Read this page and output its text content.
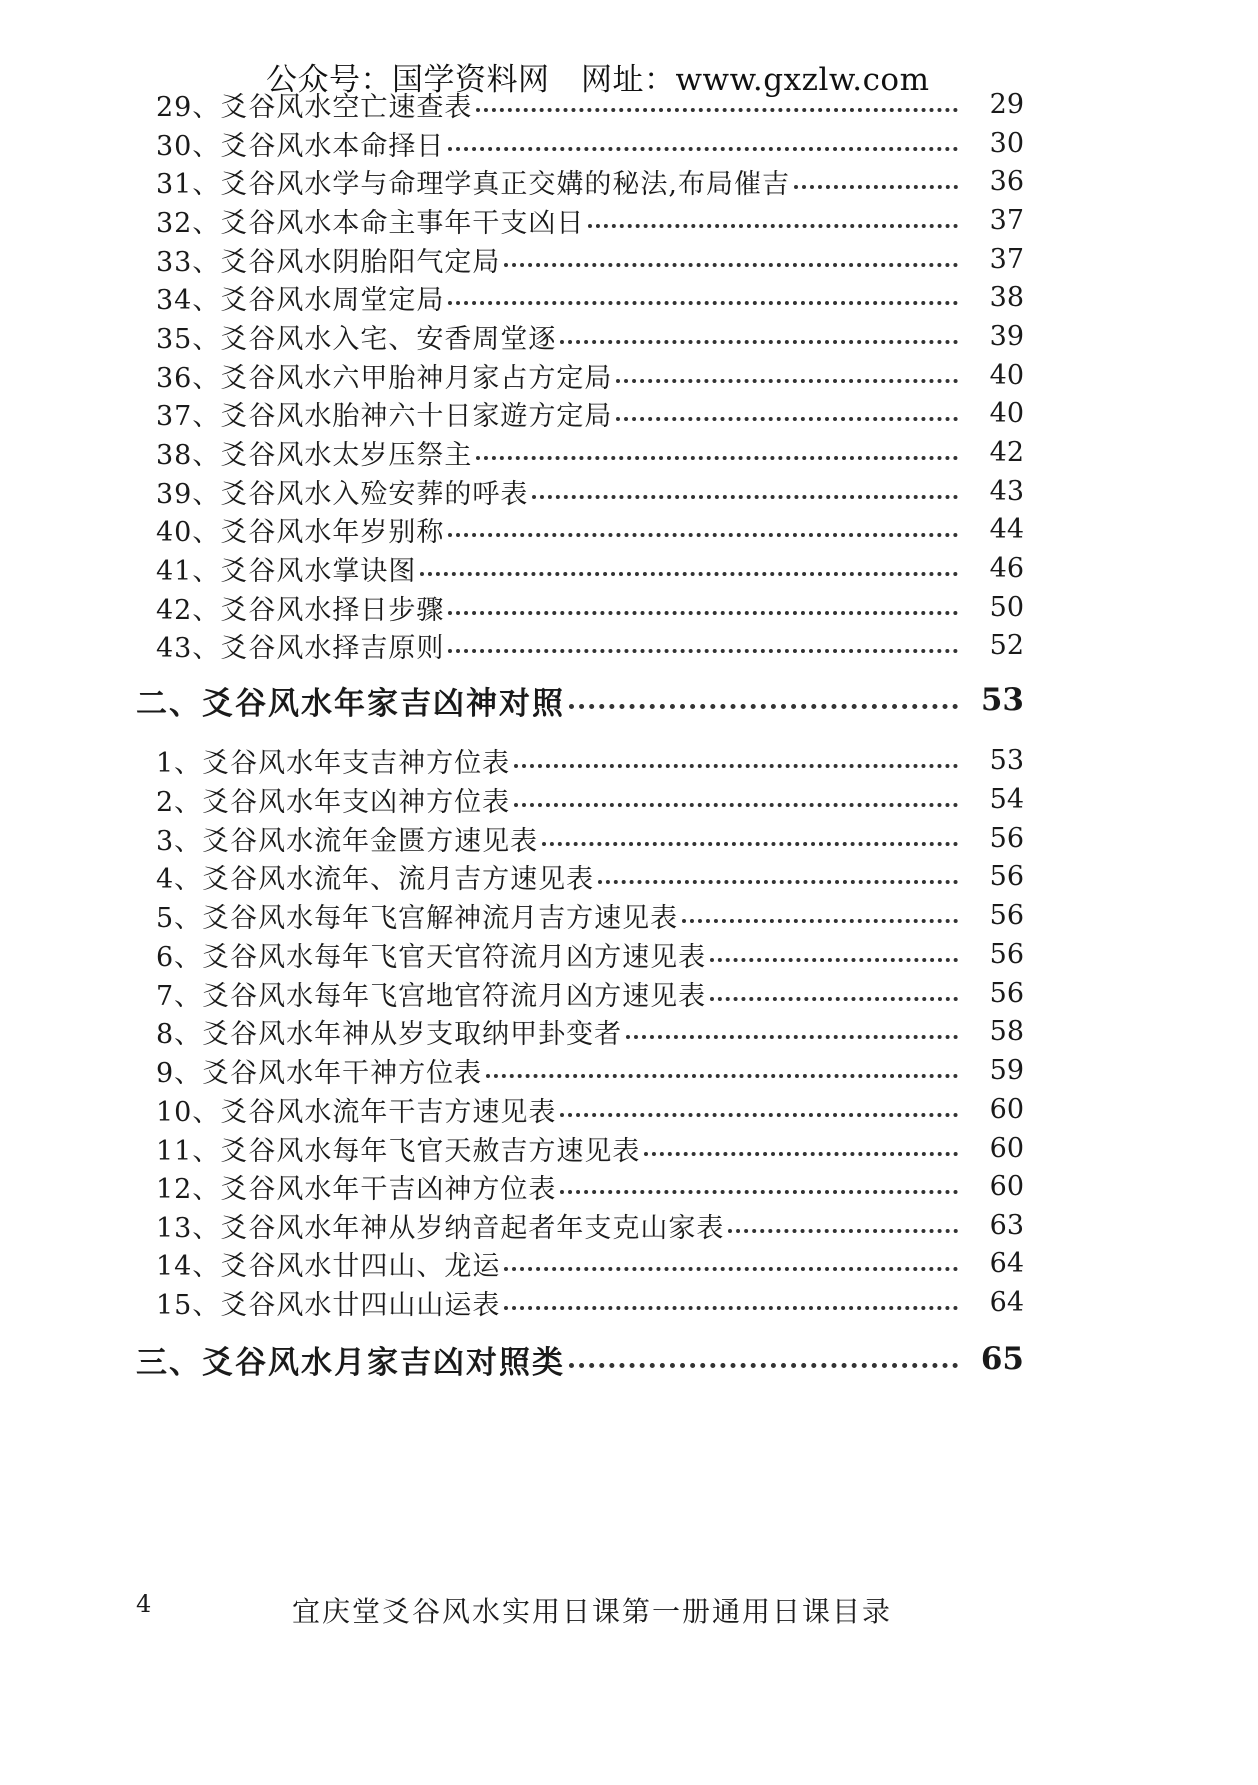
公众号：国学资料网　网址：www.gxzlw.com
29、爻谷风水空亡速查表	29
30、爻谷风水本命择日	30
31、爻谷风水学与命理学真正交媾的秘法,布局催吉	36
32、爻谷风水本命主事年干支凶日	37
33、爻谷风水阴胎阳气定局	37
34、爻谷风水周堂定局	38
35、爻谷风水入宅、安香周堂逐	39
36、爻谷风水六甲胎神月家占方定局	40
37、爻谷风水胎神六十日家遊方定局	40
38、爻谷风水太岁压祭主	42
39、爻谷风水入殓安葬的呼表	43
40、爻谷风水年岁别称	44
41、爻谷风水掌诀图	46
42、爻谷风水择日步骤	50
43、爻谷风水择吉原则	52
二、爻谷风水年家吉凶神对照	53
1、爻谷风水年支吉神方位表	53
2、爻谷风水年支凶神方位表	54
3、爻谷风水流年金匮方速见表	56
4、爻谷风水流年、流月吉方速见表	56
5、爻谷风水每年飞宫解神流月吉方速见表	56
6、爻谷风水每年飞官天官符流月凶方速见表	56
7、爻谷风水每年飞宫地官符流月凶方速见表	56
8、爻谷风水年神从岁支取纳甲卦变者	58
9、爻谷风水年干神方位表	59
10、爻谷风水流年干吉方速见表	60
11、爻谷风水每年飞官天赦吉方速见表	60
12、爻谷风水年干吉凶神方位表	60
13、爻谷风水年神从岁纳音起者年支克山家表	63
14、爻谷风水廿四山、龙运	64
15、爻谷风水廿四山山运表	64
三、爻谷风水月家吉凶对照类	65
4	宜庆堂爻谷风水实用日课第一册通用日课目录
